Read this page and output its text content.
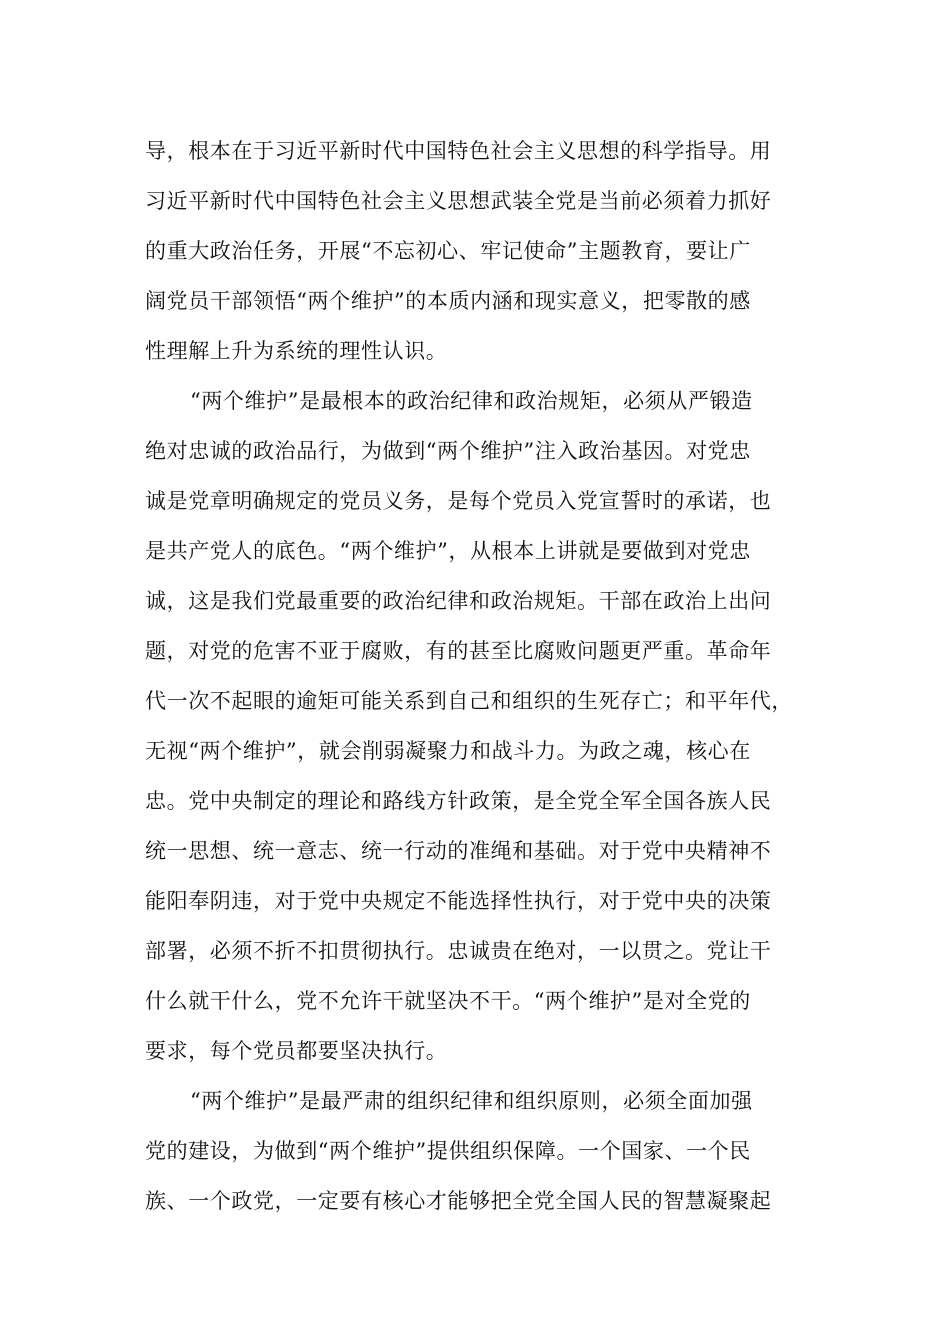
导，根本在于习近平新时代中国特色社会主义思想的科学指导。用

习近平新时代中国特色社会主义思想武装全党是当前必须着力抓好

的重大政治任务，开展“不忘初心、牢记使命”主题教育，要让广

阔党员干部领悟“两个维护”的本质内涵和现实意义，把零散的感

性理解上升为系统的理性认识。

“两个维护”是最根本的政治纪律和政治规矩，必须从严锻造

绝对忠诚的政治品行，为做到“两个维护”注入政治基因。对党忠

诚是党章明确规定的党员义务，是每个党员入党宣誓时的承诺，也

是共产党人的底色。“两个维护”，从根本上讲就是要做到对党忠

诚，这是我们党最重要的政治纪律和政治规矩。干部在政治上出问

题，对党的危害不亚于腐败，有的甚至比腐败问题更严重。革命年

代一次不起眼的逾矩可能关系到自己和组织的生死存亡；和平年代，

无视“两个维护”，就会削弱凝聚力和战斗力。为政之魂，核心在

忠。党中央制定的理论和路线方针政策，是全党全军全国各族人民

统一思想、统一意志、统一行动的准绳和基础。对于党中央精神不

能阳奉阴违，对于党中央规定不能选择性执行，对于党中央的决策

部署，必须不折不扣贯彻执行。忠诚贵在绝对，一以贯之。党让干

什么就干什么，党不允许干就坚决不干。“两个维护”是对全党的

要求，每个党员都要坚决执行。

“两个维护”是最严肃的组织纪律和组织原则，必须全面加强

党的建设，为做到“两个维护”提供组织保障。一个国家、一个民

族、一个政党，一定要有核心才能够把全党全国人民的智慧凝聚起
